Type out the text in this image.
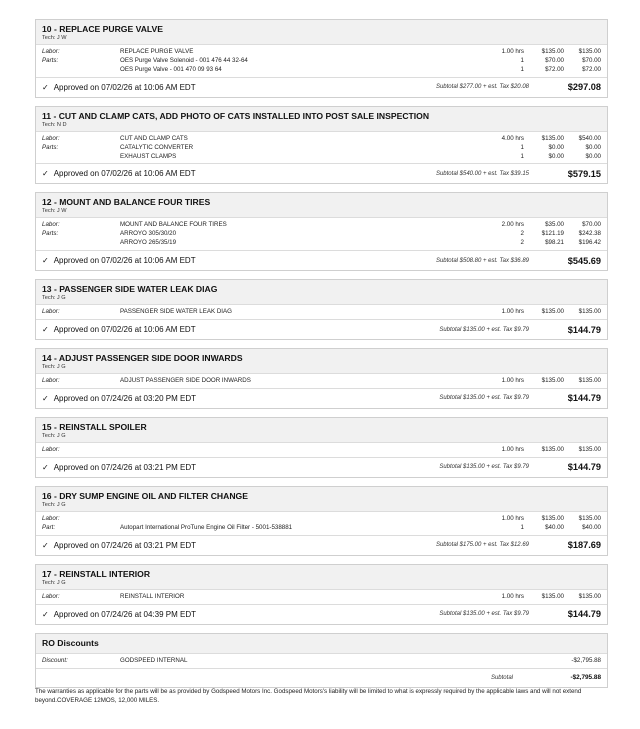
10 - REPLACE PURGE VALVE
Tech: J W
Labor:	REPLACE PURGE VALVE	1.00 hrs	$135.00	$135.00
Parts:	OES Purge Valve Solenoid - 001 476 44 32-64	1	$70.00	$70.00
OES Purge Valve - 001 470 09 93 64	1	$72.00	$72.00
✓ Approved on 07/02/26 at 10:06 AM EDT	Subtotal $277.00 + est. Tax $20.08	$297.08
11 - CUT AND CLAMP CATS, ADD PHOTO OF CATS INSTALLED INTO POST SALE INSPECTION
Tech: N D
Labor:	CUT AND CLAMP CATS	4.00 hrs	$135.00	$540.00
Parts:	CATALYTIC CONVERTER	1	$0.00	$0.00
EXHAUST CLAMPS	1	$0.00	$0.00
✓ Approved on 07/02/26 at 10:06 AM EDT	Subtotal $540.00 + est. Tax $39.15	$579.15
12 - MOUNT AND BALANCE FOUR TIRES
Tech: J W
Labor:	MOUNT AND BALANCE FOUR TIRES	2.00 hrs	$35.00	$70.00
Parts:	ARROYO 305/30/20	2	$121.19	$242.38
ARROYO 265/35/19	2	$98.21	$196.42
✓ Approved on 07/02/26 at 10:06 AM EDT	Subtotal $508.80 + est. Tax $36.89	$545.69
13 - PASSENGER SIDE WATER LEAK DIAG
Tech: J G
Labor:	PASSENGER SIDE WATER LEAK DIAG	1.00 hrs	$135.00	$135.00
✓ Approved on 07/02/26 at 10:06 AM EDT	Subtotal $135.00 + est. Tax $9.79	$144.79
14 - ADJUST PASSENGER SIDE DOOR INWARDS
Tech: J G
Labor:	ADJUST PASSENGER SIDE DOOR INWARDS	1.00 hrs	$135.00	$135.00
✓ Approved on 07/24/26 at 03:20 PM EDT	Subtotal $135.00 + est. Tax $9.79	$144.79
15 - REINSTALL SPOILER
Tech: J G
Labor:	1.00 hrs	$135.00	$135.00
✓ Approved on 07/24/26 at 03:21 PM EDT	Subtotal $135.00 + est. Tax $9.79	$144.79
16 - DRY SUMP ENGINE OIL AND FILTER CHANGE
Tech: J G
Labor:	1.00 hrs	$135.00	$135.00
Part:	Autopart International ProTune Engine Oil Filter - 5001-538881	1	$40.00	$40.00
✓ Approved on 07/24/26 at 03:21 PM EDT	Subtotal $175.00 + est. Tax $12.69	$187.69
17 - REINSTALL INTERIOR
Tech: J G
Labor:	REINSTALL INTERIOR	1.00 hrs	$135.00	$135.00
✓ Approved on 07/24/26 at 04:39 PM EDT	Subtotal $135.00 + est. Tax $9.79	$144.79
RO Discounts
Discount:	GODSPEED INTERNAL	-$2,795.88
Subtotal	-$2,795.88
The warranties as applicable for the parts will be as provided by Godspeed Motors Inc. Godspeed Motors's liability will be limited to what is expressly required by the applicable laws and will not extend beyond.COVERAGE 12MOS, 12,000 MILES.
